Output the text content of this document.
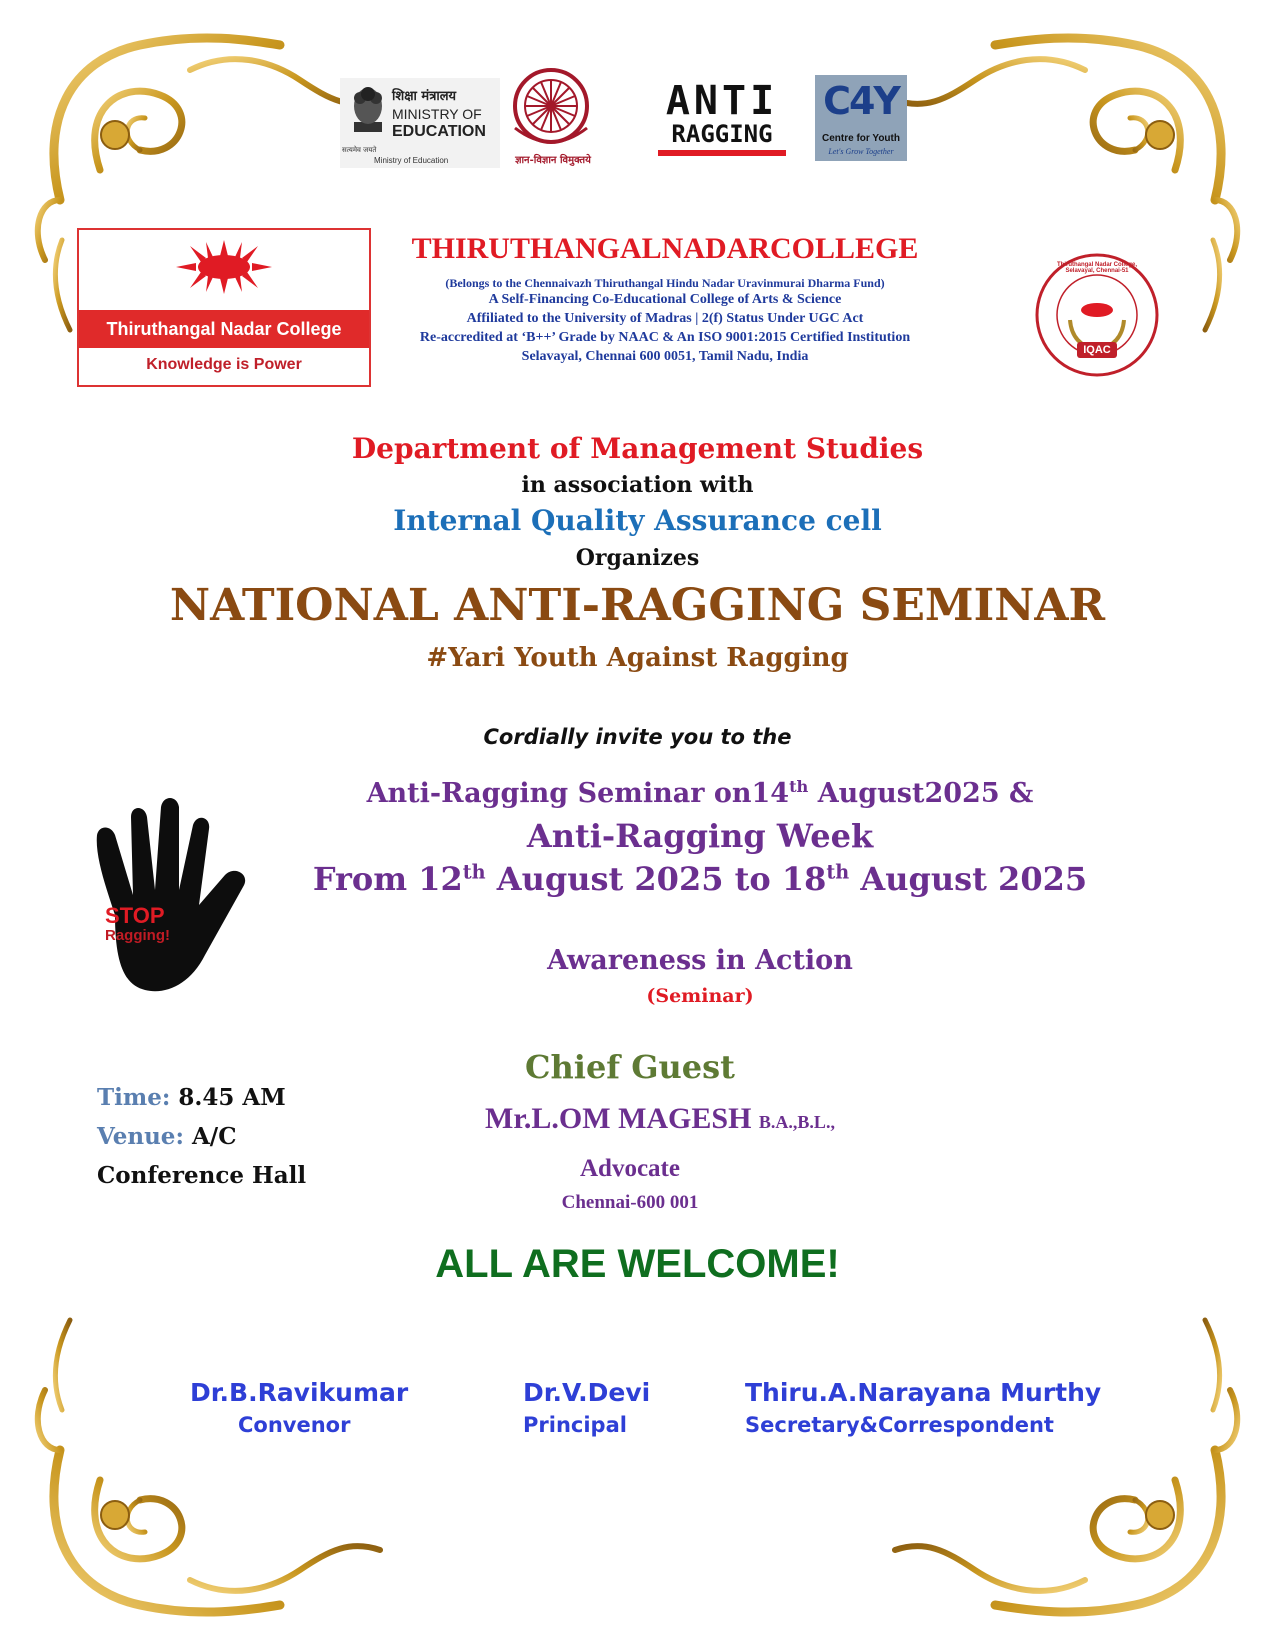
शिक्षा मंत्रालय
MINISTRY OF
EDUCATION
सत्यमेव जयते
Ministry of Education	ज्ञान-विज्ञान विमुक्तये
ANTI
RAGGING
C4Y
Centre for Youth
Let's Grow Together
Thiruthangal Nadar College
Knowledge is Power
THIRUTHANGALNADARCOLLEGE
(Belongs to the Chennaivazh Thiruthangal Hindu Nadar Uravinmurai Dharma Fund)
A Self-Financing Co-Educational College of Arts & Science
Affiliated to the University of Madras | 2(f) Status Under UGC Act
Re-accredited at ‘B++’ Grade by NAAC & An ISO 9001:2015 Certified Institution
Selavayal, Chennai 600 0051, Tamil Nadu, India	IQAC
Thiruthangal Nadar College, Selavayal, Chennai-51
Department of Management Studies
in association with
Internal Quality Assurance cell
Organizes
NATIONAL ANTI-RAGGING SEMINAR
#Yari Youth Against Ragging
Cordially invite you to the
STOP
Ragging!
Anti-Ragging Seminar on14th August2025 &
Anti-Ragging Week
From 12th August 2025 to 18th August 2025
Awareness in Action
(Seminar)
Time: 8.45 AM
Venue: A/C
Conference Hall
Chief Guest
Mr.L.OM MAGESH B.A.,B.L.,
Advocate
Chennai-600 001
ALL ARE WELCOME!
Dr.B.Ravikumar
Convenor
Dr.V.Devi
Principal
Thiru.A.Narayana Murthy
Secretary&Correspondent
